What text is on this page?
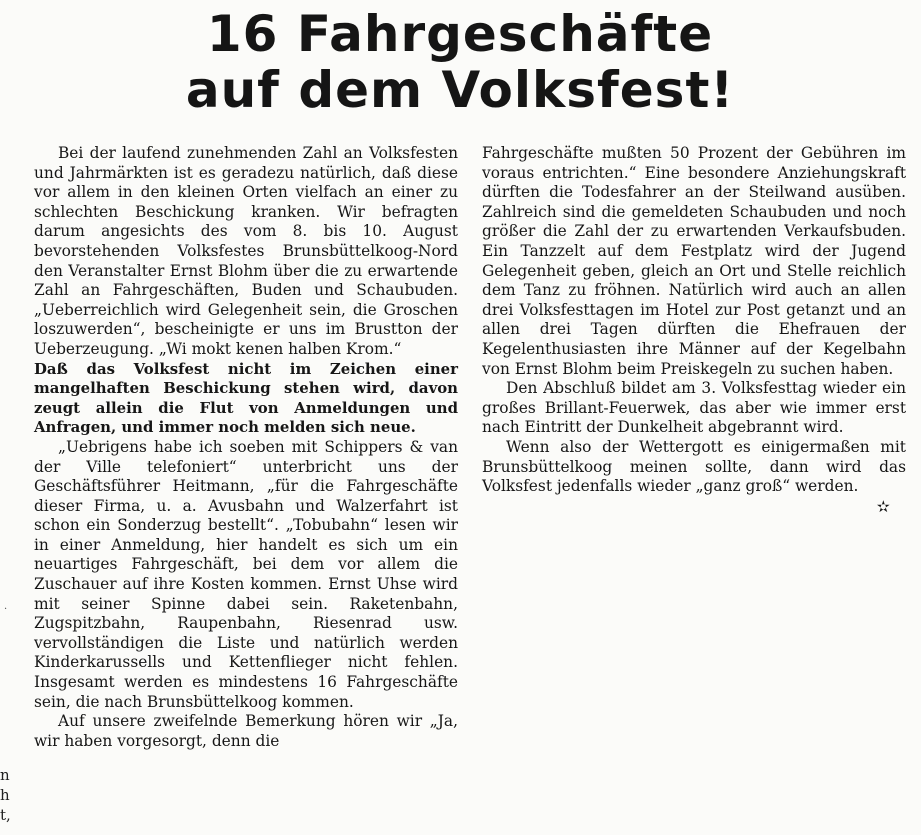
16 Fahrgeschäfte
auf dem Volksfest!

Bei der laufend zunehmenden Zahl an Volksfesten und Jahrmärkten ist es geradezu natürlich, daß diese vor allem in den kleinen Orten vielfach an einer zu schlechten Beschickung kranken. Wir befragten darum angesichts des vom 8. bis 10. August bevorstehenden Volksfestes Brunsbüttelkoog-Nord den Veranstalter Ernst Blohm über die zu erwartende Zahl an Fahrgeschäften, Buden und Schaubuden. „Ueberreichlich wird Gelegenheit sein, die Groschen loszuwerden“, bescheinigte er uns im Brustton der Ueberzeugung. „Wi mokt kenen halben Krom.“

Daß das Volksfest nicht im Zeichen einer mangelhaften Beschickung stehen wird, davon zeugt allein die Flut von Anmeldungen und Anfragen, und immer noch melden sich neue.

„Uebrigens habe ich soeben mit Schippers & van der Ville telefoniert“ unterbricht uns der Geschäftsführer Heitmann, „für die Fahrgeschäfte dieser Firma, u. a. Avusbahn und Walzerfahrt ist schon ein Sonderzug bestellt“. „Tobubahn“ lesen wir in einer Anmeldung, hier handelt es sich um ein neuartiges Fahrgeschäft, bei dem vor allem die Zuschauer auf ihre Kosten kommen. Ernst Uhse wird mit seiner Spinne dabei sein. Raketenbahn, Zugspitzbahn, Raupenbahn, Riesenrad usw. vervollständigen die Liste und natürlich werden Kinderkarussells und Kettenflieger nicht fehlen. Insgesamt werden es mindestens 16 Fahrgeschäfte sein, die nach Brunsbüttelkoog kommen.

Auf unsere zweifelnde Bemerkung hören wir „Ja, wir haben vorgesorgt, denn die

Fahrgeschäfte mußten 50 Prozent der Gebühren im voraus entrichten.“ Eine besondere Anziehungskraft dürften die Todesfahrer an der Steilwand ausüben. Zahlreich sind die gemeldeten Schaubuden und noch größer die Zahl der zu erwartenden Verkaufsbuden. Ein Tanzzelt auf dem Festplatz wird der Jugend Gelegenheit geben, gleich an Ort und Stelle reichlich dem Tanz zu fröhnen. Natürlich wird auch an allen drei Volksfesttagen im Hotel zur Post getanzt und an allen drei Tagen dürften die Ehefrauen der Kegelenthusiasten ihre Männer auf der Kegelbahn von Ernst Blohm beim Preiskegeln zu suchen haben.

Den Abschluß bildet am 3. Volksfesttag wieder ein großes Brillant-Feuerwek, das aber wie immer erst nach Eintritt der Dunkelheit abgebrannt wird.

Wenn also der Wettergott es einigermaßen mit Brunsbüttelkoog meinen sollte, dann wird das Volksfest jedenfalls wieder „ganz groß“ werden.
✫

·
n
h
t,
